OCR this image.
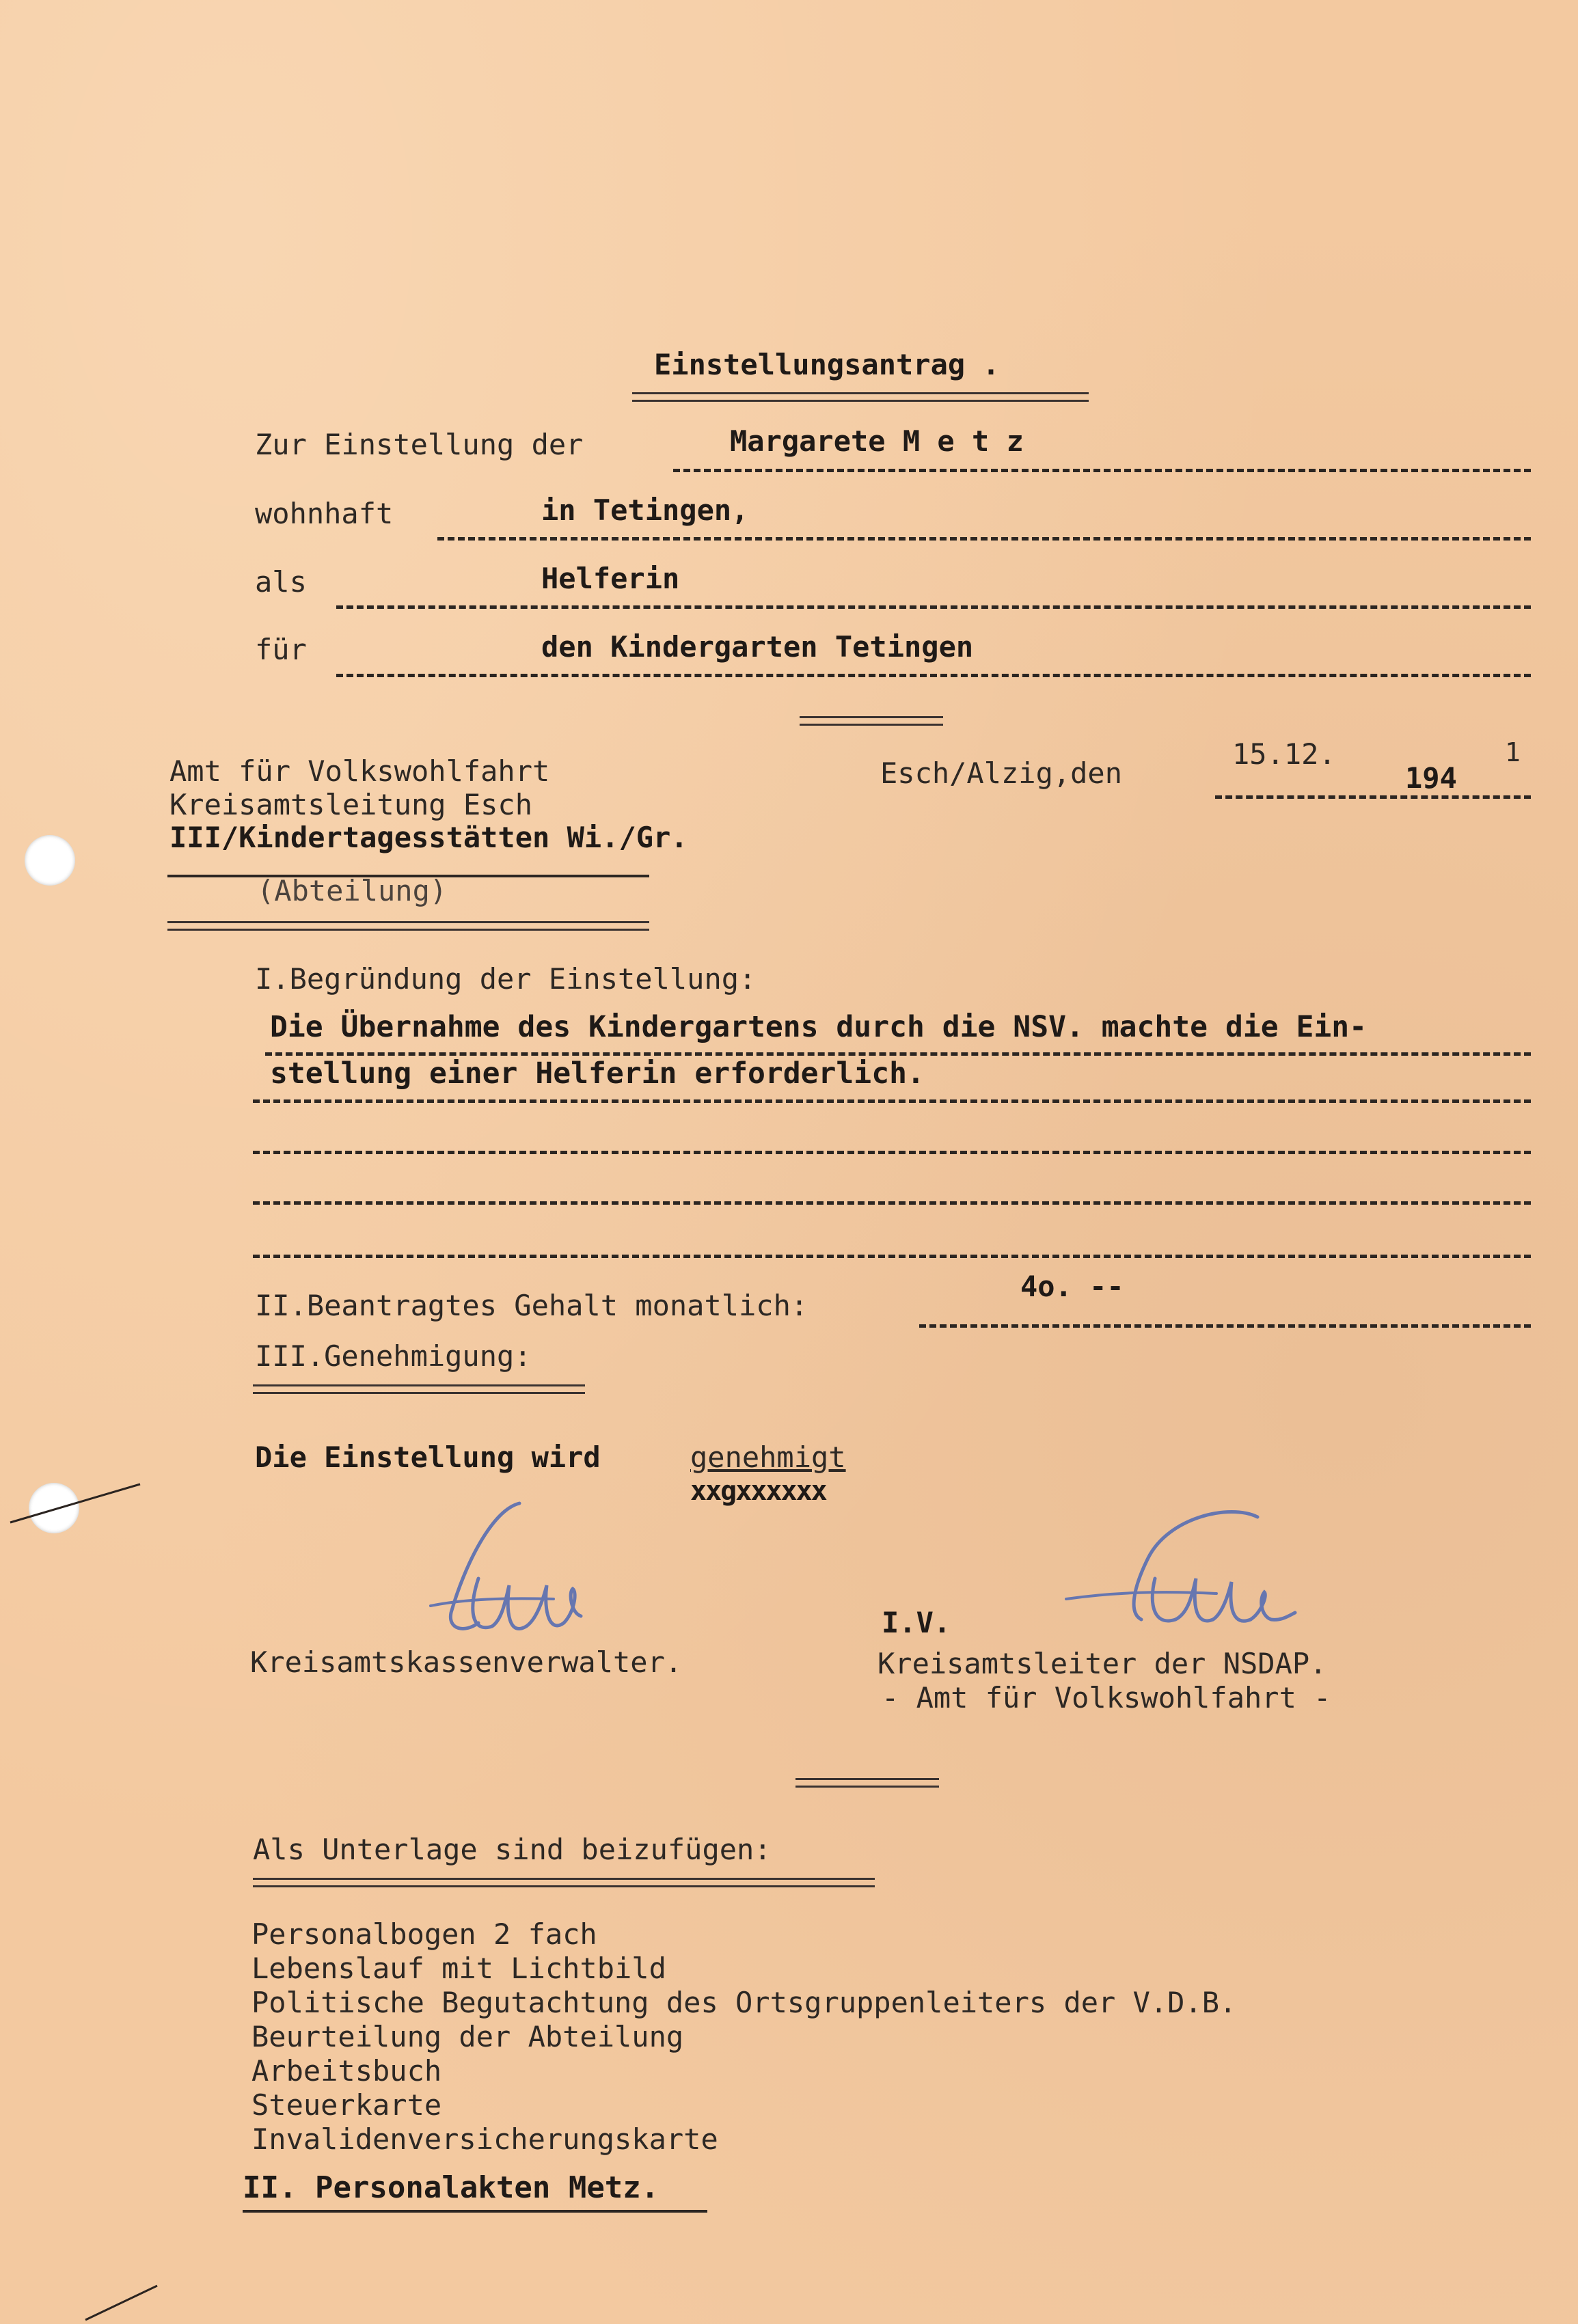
Einstellungsantrag .
Zur Einstellung der	Margarete M e t z
wohnhaft	in Tetingen,
als	Helferin
für	den Kindergarten Tetingen
Amt für Volkswohlfahrt
Kreisamtsleitung Esch
III/Kindertagesstätten Wi./Gr.
(Abteilung)
Esch/Alzig,den
15.12.
194
1
I.Begründung der Einstellung:
Die Übernahme des Kindergartens durch die NSV. machte die Ein-
stellung einer Helferin erforderlich.
II.Beantragtes Gehalt monatlich:
4o. --
III.Genehmigung:
Die Einstellung wird	genehmigt
xxgxxxxxx
Kreisamtskassenverwalter.
I.V.
Kreisamtsleiter der NSDAP.
- Amt für Volkswohlfahrt -
Als Unterlage sind beizufügen:
Personalbogen 2 fach
Lebenslauf mit Lichtbild
Politische Begutachtung des Ortsgruppenleiters der V.D.B.
Beurteilung der Abteilung
Arbeitsbuch
Steuerkarte
Invalidenversicherungskarte
II. Personalakten Metz.
